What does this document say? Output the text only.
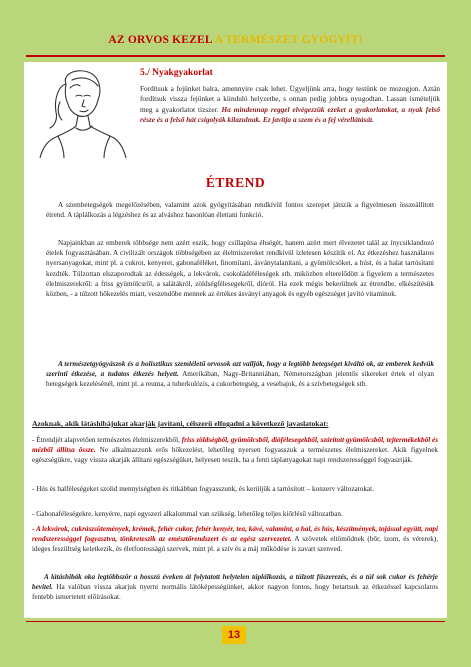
AZ ORVOS KEZEL A TERMÉSZET GYÓGYÍT!
5./ Nyakgyakorlat
Fordítsuk a fejünket balra, amennyire csak lehet. Ügyeljünk arra, hogy testünk ne mozogjon. Aztán fordítsuk vissza fejünket a kiinduló helyzetbe, s onnan pedig jobbra nyugodtan. Lassan ismételjük meg a gyakorlatot tízszer. Ha mindennap reggel elvégezzük ezeket a gyakorlatokat, a nyak felső része és a felső hát csigolyák kilazulnak. Ez javítja a szem és a fej vérellátását.
ÉTREND
A szembetegségek megelőzésében, valamint azok gyógyításában rendkívül fontos szerepet játszik a figyelmesen összeállított étrend. A táplálkozás a légzéshez és az alváshoz hasonlóan élettani funkció.
Napjainkban az emberek többsége nem azért eszik, hogy csillapítsa éhségét, hanem azért mert élvezetet talál az ínycsiklandozó ételek fogyasztásában. A civilizált országok többségében az élelmiszereket rendkívül ízletesen készítik el. Az étkezéshez használatos nyersanyagokat, mint pl. a cukrot, kenyeret, gabonaféléket, finomítani, ásványtalanítani, a gyümölcsöket, a húst, és a halat tartósítani kezdték. Túlzottan elszaporodtak az édességek, a lekvárok, csokoládéféleségek stb. miközben elterelődött a figyelem a természetes élelmiszerekről: a friss gyümölcsről, a salátákról, zöldségfélesegekről, dióról. Ha ezek mégis bekerülnek az étrendbe, elkészítésük közben, - a túlzott hőkezelés miatt, veszendőbe mennek az értékes ásványi anyagok és egyéb egészséget javító vitaminok.
A természetgyógyászok és a holisztikus szemléletű orvosok azt vallják, hogy a legtöbb betegséget kiváltó ok, az emberek kedvük szerinti étkezése, a tudatos étkezés helyett. Amerikában, Nagy-Britanniában, Németországban jelentős sikereket értek el olyan betegségek kezelésénél, mint pl. a reuma, a tuberkulózis, a cukorbetegség, a vesebajok, és a szívbetegségek stb.
Azoknak, akik látáshibájukat akarják javítani, célszerű elfogadni a következő javaslatokat:
- Étrendjét alapvetően természetes élelmiszerekből, friss zöldségből, gyümölcsből, diófélesegekből, szárított gyümölcsből, tejtermékekből és mézből állítsa össze. Ne alkalmazzunk erős hőkezelést, lehetőleg nyersen fogyasszuk a természetes élelmiszereket. Akik figyelnek egészségükre, vagy vissza akarják állítani egészségüket, helyesen teszik, ha a fenti táplanyagokat napi rendszerességgel fogyasztják.
- Hús és halféleségeket szolid mennyiségben és ritkábban fogyasszunk, és kerüljük a tartósított – konzerv változatokat.
- Gabonaféleségekre, kenyérre, napi egyszeri alkalommal van szükség, lehetőleg teljes kiőrlésű változatban.
- A lekvárok, cukrászsütemények, krémek, fehér cukor, fehér kenyér, tea, kávé, valamint, a hal, és hús, készítmények, tojással együtt, napi rendszerességgel fogyasztva, tönkreteszik az emésztőrendszert és az egész szervezetet. A szövetek eltömődnek (bőr, izom, és vérerek), ideges feszültség keletkezik, és életfontosságú szervek, mint pl. a szív és a máj működése is zavart szenved.
A látáshibák oka legtöbbször a hosszú éveken át folytatott helytelen táplálkozás, a túlzott fűszerezés, és a túl sok cukor és fehérje bevitel. Ha valóban vissza akarjuk nyerni normális látóképességünket, akkor nagyon fontos, hogy betartsuk az étkezéssel kapcsolatos fentebb ismertetett előírásokat.
13
